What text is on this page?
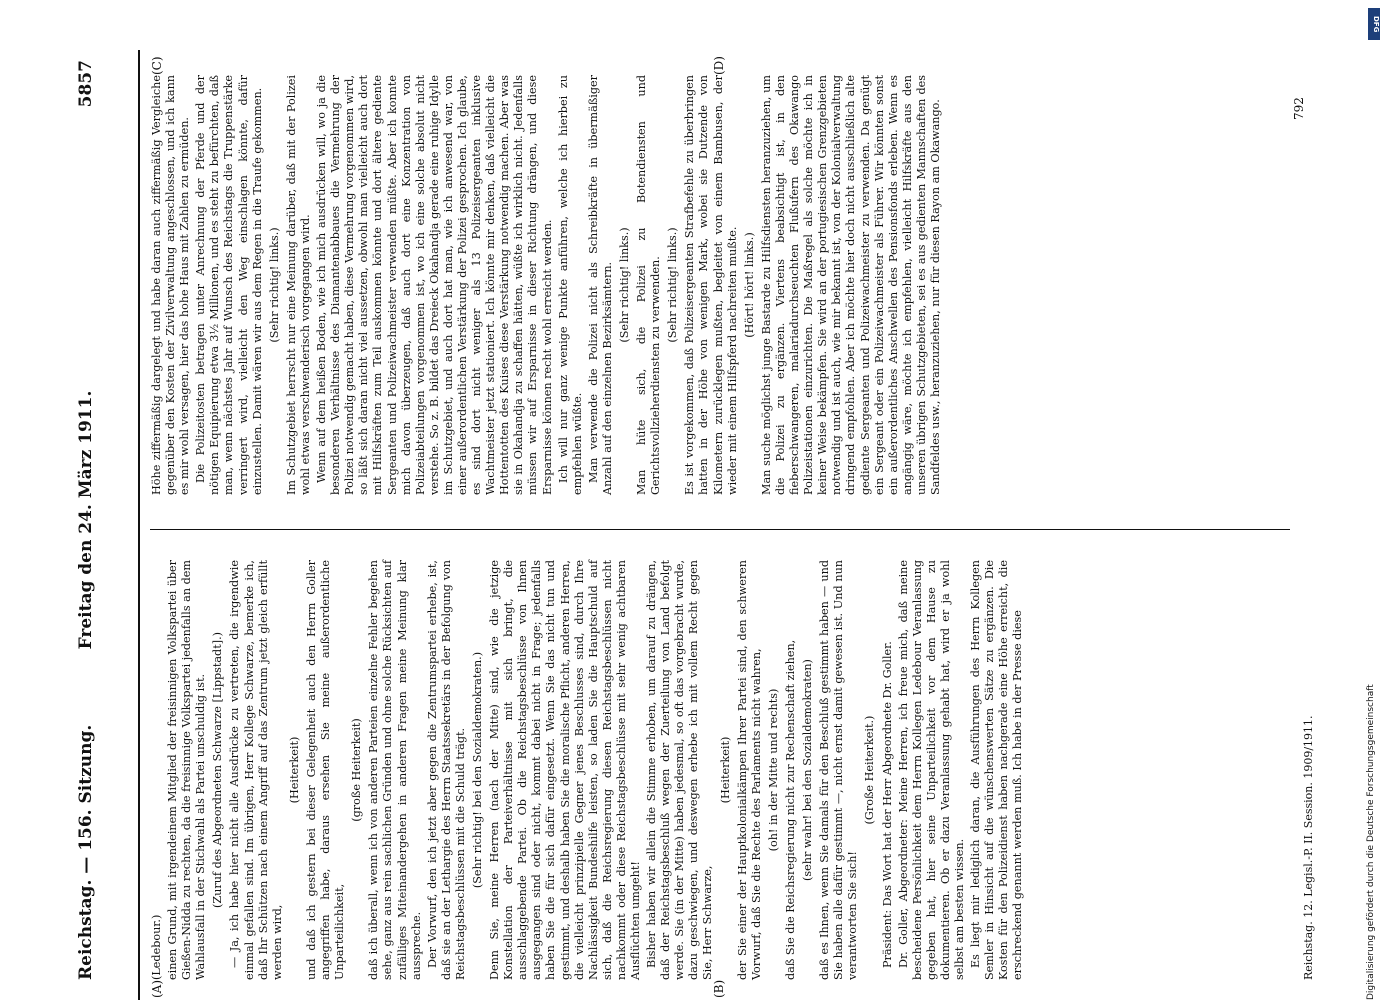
Reichstag. — 156. Sitzung.
Freitag den 24. März 1911.
5857
(A)	(B)
(C)	(D)

(Ledebour.) einen Grund, mit irgendeinem Mitglied der freisinnigen Volkspartei über Gießen-Nidda zu rechten, da die freisinnige Volkspartei jedenfalls an dem Wahlausfall in der Stichwahl als Partei unschuldig ist. (Zuruf des Abgeordneten Schwarze [Lippstadt].) — Ja, ich habe hier nicht alle Ausdrücke zu vertreten, die irgendwie einmal gefallen sind. Im übrigen, Herr Kollege Schwarze, bemerke ich, daß Ihr Schützen nach einem Angriff auf das Zentrum jetzt gleich erfüllt werden wird,

(Heiterkeit) und daß ich gestern bei dieser Gelegenheit auch den Herrn Goller angegriffen habe, daraus ersehen Sie meine außerordentliche Unparteilichkeit,

(große Heiterkeit) daß ich überall, wenn ich von anderen Parteien einzelne Fehler begehen sehe, ganz aus rein sachlichen Gründen und ohne solche Rücksichten auf zufälliges Miteinandergehen in anderen Fragen meine Meinung klar ausspreche. Der Vorwurf, den ich jetzt aber gegen die Zentrumspartei erhebe, ist, daß sie an der Lethargie des Herrn Staatssekretärs in der Befolgung von Reichstagsbeschlüssen mit die Schuld trägt. (Sehr richtig! bei den Sozialdemokraten.) Denn Sie, meine Herren (nach der Mitte) sind, wie die jetzige Konstellation der Parteiverhältnisse mit sich bringt, die ausschlaggebende Partei. Ob die Reichstagsbeschlüsse von Ihnen ausgegangen sind oder nicht, kommt dabei nicht in Frage; jedenfalls haben Sie die für sich dafür eingesetzt. Wenn Sie das nicht tun und gestimmt, und deshalb haben Sie die moralische Pflicht, anderen Herren, die vielleicht prinzipielle Gegner jenes Beschlusses sind, durch Ihre Nachlässigkeit Bundeshilfe leisten, so laden Sie die Hauptschuld auf sich, daß die Reichsregierung diesen Reichstagsbeschlüssen nicht nachkommt oder diese Reichstagsbeschlüsse mit sehr wenig achtbaren Ausflüchten umgeht! Bisher haben wir allein die Stimme erhoben, um darauf zu drängen, daß der Reichstagsbeschluß wegen der Zuerteilung von Land befolgt werde. Sie (in der Mitte) haben jedesmal, so oft das vorgebracht wurde, dazu geschwiegen, und deswegen erhebe ich mit vollem Recht gegen Sie, Herr Schwarze,

(Heiterkeit) der Sie einer der Hauptkolonialkämpen Ihrer Partei sind, den schweren Vorwurf, daß Sie die Rechte des Parlaments nicht wahren, (oh! in der Mitte und rechts) daß Sie die Reichsregierung nicht zur Rechenschaft ziehen, (sehr wahr! bei den Sozialdemokraten) daß es Ihnen, wenn Sie damals für den Beschluß gestimmt haben — und Sie haben alle dafür gestimmt —, nicht ernst damit gewesen ist. Und nun verantworten Sie sich!

(Große Heiterkeit.) Präsident: Das Wort hat der Herr Abgeordnete Dr. Goller. Dr. Goller, Abgeordneter: Meine Herren, ich freue mich, daß meine bescheidene Persönlichkeit dem Herrn Kollegen Ledebour Veranlassung gegeben hat, hier seine Unparteilichkeit vor dem Hause zu dokumentieren. Ob er dazu Veranlassung gehabt hat, wird er ja wohl selbst am besten wissen. Es liegt mir lediglich daran, die Ausführungen des Herrn Kollegen Semler in Hinsicht auf die wünschenswerten Sätze zu ergänzen. Die Kosten für den Polizeidienst haben nachgerade eine Höhe erreicht, die erschreckend genannt werden muß. Ich habe in der Presse diese

Höhe ziffermäßig dargelegt und habe daran auch ziffermäßig Vergleiche gegenüber den Kosten der Zivilverwaltung angeschlossen, und ich kann es mir wohl versagen, hier das hohe Haus mit Zahlen zu ermüden. Die Polizeitosten betragen unter Anrechnung der Pferde und der nötigen Equipierung etwa 3½ Millionen, und es steht zu befürchten, daß man, wenn nächstes Jahr auf Wunsch des Reichstags die Truppenstärke verringert wird, vielleicht den Weg einschlagen könnte, dafür einzustellen. Damit wären wir aus dem Regen in die Traufe gekommen. (Sehr richtig! links.) Im Schutzgebiet herrscht nur eine Meinung darüber, daß mit der Polizei wohl etwas verschwenderisch vorgegangen wird. Wenn auf dem heißen Boden, wie ich mich ausdrücken will, wo ja die besonderen Verhältnisse des Diamantenabbaues die Vermehrung der Polizei notwendig gemacht haben, diese Vermehrung vorgenommen wird, so läßt sich daran nicht viel aussetzen, obwohl man vielleicht auch dort mit Hilfskräften zum Teil auskommen könnte und dort ältere gediente Sergeanten und Polizeiwachmeister verwenden müßte. Aber ich konnte mich davon überzeugen, daß auch dort eine Konzentration von Polizeiabteilungen vorgenommen ist, wo ich eine solche absolut nicht verstehe. So z. B. bildet das Dreieck Okahandja gerade eine ruhige Idylle im Schutzgebiet, und auch dort hat man, wie ich anwesend war, von einer außerordentlichen Verstärkung der Polizei gesprochen. Ich glaube, es sind dort nicht weniger als 13 Polizeisergeanten inklusive Wachtmeister jetzt stationiert. Ich könnte mir denken, daß vielleicht die Hottentotten des Kuises diese Verstärkung notwendig machen. Aber was sie in Okahandja zu schaffen hätten, wüßte ich wirklich nicht. Jedenfalls müssen wir auf Ersparnisse in dieser Richtung drängen, und diese Ersparnisse können recht wohl erreicht werden. Ich will nur ganz wenige Punkte anführen, welche ich hierbei zu empfehlen wüßte. Man verwende die Polizei nicht als Schreibkräfte in übermäßiger Anzahl auf den einzelnen Bezirksämtern. (Sehr richtig! links.) Man hüte sich, die Polizei zu Botendiensten und Gerichtsvollzieherdiensten zu verwenden. (Sehr richtig! links.) Es ist vorgekommen, daß Polizeisergeanten Strafbefehle zu überbringen hatten in der Höhe von wenigen Mark, wobei sie Dutzende von Kilometern zurücklegen mußten, begleitet von einem Bambusen, der wieder mit einem Hilfspferd nachreiten mußte. (Hört! hört! links.) Man suche möglichst junge Bastarde zu Hilfsdiensten heranzuziehen, um die Polizei zu ergänzen. Viertens beabsichtigt ist, in den fieberschwangeren, malariadurchseuchten Flußufern des Okawango Polizeistationen einzurichten. Die Maßregel als solche möchte ich in keiner Weise bekämpfen. Sie wird an der portugiesischen Grenzgebieten notwendig und ist auch, wie mir bekannt ist, von der Kolonialverwaltung dringend empfohlen. Aber ich möchte hier doch nicht ausschließlich alte gediente Sergeanten und Polizeiwachmeister zu verwenden. Da genügt ein Sergeant oder ein Polizeiwachmeister als Führer. Wir könnten sonst ein außerordentliches Anschwellen des Pensionsfonds erleben. Wenn es angängig wäre, möchte ich empfehlen, vielleicht Hilfskräfte aus den unseren übrigen Schutzgebieten, sei es aus gedienten Mannschaften des Sandfeldes usw., heranzuziehen, nur für diesen Rayon am Okawango.

Reichstag. 12. Legisl.-P. II. Session. 1909/1911.
792
Digitalisierung gefördert durch die Deutsche Forschungsgemeinschaft
DFG
